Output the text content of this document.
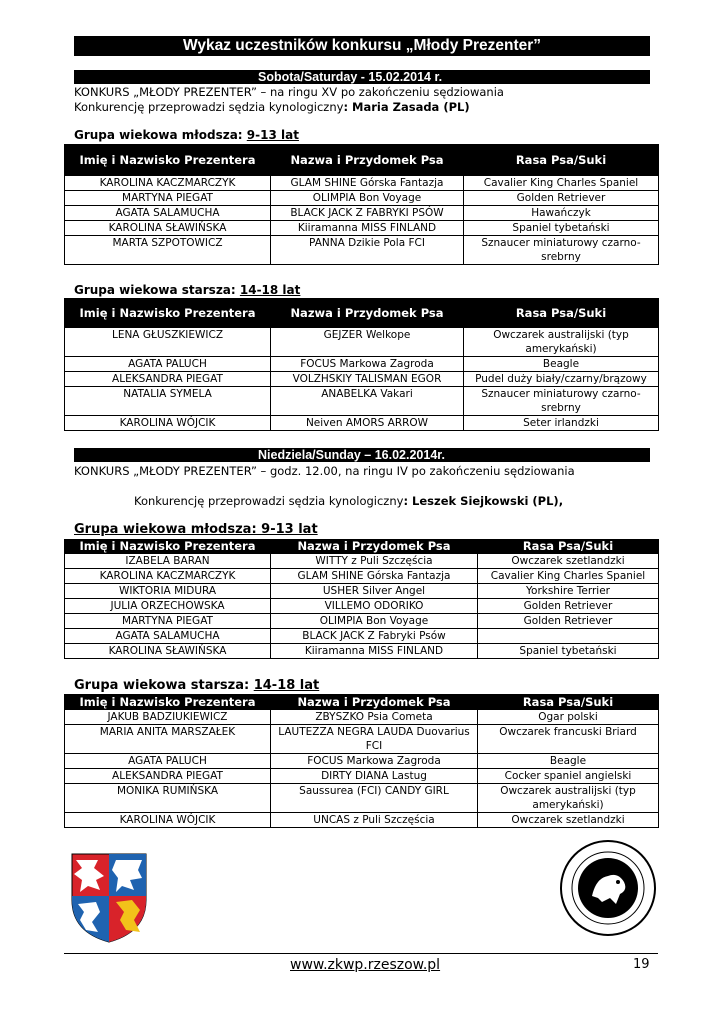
Wykaz uczestników konkursu „Młody Prezenter”
Sobota/Saturday - 15.02.2014 r.
KONKURS „MŁODY PREZENTER” – na ringu XV po zakończeniu sędziowania
Konkurencję przeprowadzi sędzia kynologiczny: Maria Zasada (PL)
Grupa wiekowa młodsza: 9-13 lat
Imię i Nazwisko Prezentera	Nazwa i Przydomek Psa	Rasa Psa/Suki
KAROLINA KACZMARCZYK	GLAM SHINE Górska Fantazja	Cavalier King Charles Spaniel
MARTYNA PIEGAT	OLIMPIA Bon Voyage	Golden Retriever
AGATA SALAMUCHA	BLACK JACK Z FABRYKI PSÓW	Hawańczyk
KAROLINA SŁAWIŃSKA	Kiiramanna MISS FINLAND	Spaniel tybetański
MARTA SZPOTOWICZ	PANNA Dzikie Pola FCI	Sznaucer miniaturowy czarno-srebrny
Grupa wiekowa starsza: 14-18 lat
Imię i Nazwisko Prezentera	Nazwa i Przydomek Psa	Rasa Psa/Suki
LENA GŁUSZKIEWICZ	GEJZER Welkope	Owczarek australijski (typ amerykański)
AGATA PALUCH	FOCUS Markowa Zagroda	Beagle
ALEKSANDRA PIEGAT	VOLZHSKIY TALISMAN EGOR	Pudel duży biały/czarny/brązowy
NATALIA SYMELA	ANABELKA Vakari	Sznaucer miniaturowy czarno-srebrny
KAROLINA WÓJCIK	Neiven AMORS ARROW	Seter irlandzki
Niedziela/Sunday – 16.02.2014r.
KONKURS „MŁODY PREZENTER” – godz. 12.00, na ringu IV po zakończeniu sędziowania
Konkurencję przeprowadzi sędzia kynologiczny: Leszek Siejkowski (PL),
Grupa wiekowa młodsza: 9-13 lat
Imię i Nazwisko Prezentera	Nazwa i Przydomek Psa	Rasa Psa/Suki
IZABELA BARAN	WITTY z Puli Szczęścia	Owczarek szetlandzki
KAROLINA KACZMARCZYK	GLAM SHINE Górska Fantazja	Cavalier King Charles Spaniel
WIKTORIA MIDURA	USHER Silver Angel	Yorkshire Terrier
JULIA ORZECHOWSKA	VILLEMO ODORIKO	Golden Retriever
MARTYNA PIEGAT	OLIMPIA Bon Voyage	Golden Retriever
AGATA SALAMUCHA	BLACK JACK Z Fabryki Psów	
KAROLINA SŁAWIŃSKA	Kiiramanna MISS FINLAND	Spaniel tybetański
Grupa wiekowa starsza: 14-18 lat
Imię i Nazwisko Prezentera	Nazwa i Przydomek Psa	Rasa Psa/Suki
JAKUB BADZIUKIEWICZ	ZBYSZKO Psia Cometa	Ogar polski
MARIA ANITA MARSZAŁEK	LAUTEZZA NEGRA LAUDA Duovarius FCI	Owczarek francuski Briard
AGATA PALUCH	FOCUS Markowa Zagroda	Beagle
ALEKSANDRA PIEGAT	DIRTY DIANA Lastug	Cocker spaniel angielski
MONIKA RUMIŃSKA	Saussurea (FCI) CANDY GIRL	Owczarek australijski (typ amerykański)
KAROLINA WÓJCIK	UNCAS z Puli Szczęścia	Owczarek szetlandzki
www.zkwp.rzeszow.pl	19
